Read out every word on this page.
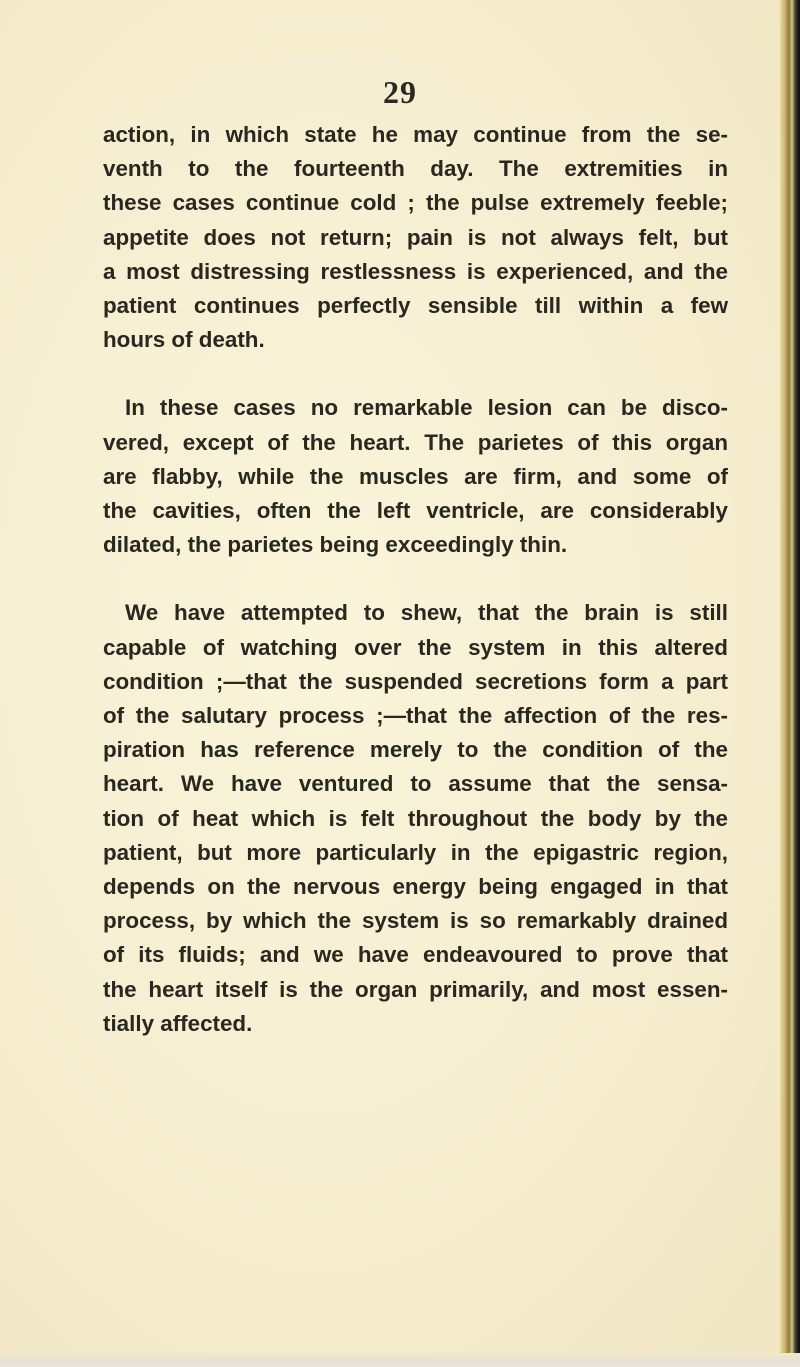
29

action, in which state he may continue from the se-
venth to the fourteenth day. The extremities in
these cases continue cold ; the pulse extremely feeble;
appetite does not return; pain is not always felt, but
a most distressing restlessness is experienced, and the
patient continues perfectly sensible till within a few
hours of death.

In these cases no remarkable lesion can be disco-
vered, except of the heart. The parietes of this organ
are flabby, while the muscles are firm, and some of
the cavities, often the left ventricle, are considerably
dilated, the parietes being exceedingly thin.

We have attempted to shew, that the brain is still
capable of watching over the system in this altered
condition ;—that the suspended secretions form a part
of the salutary process ;—that the affection of the res-
piration has reference merely to the condition of the
heart. We have ventured to assume that the sensa-
tion of heat which is felt throughout the body by the
patient, but more particularly in the epigastric region,
depends on the nervous energy being engaged in that
process, by which the system is so remarkably drained
of its fluids; and we have endeavoured to prove that
the heart itself is the organ primarily, and most essen-
tially affected.
